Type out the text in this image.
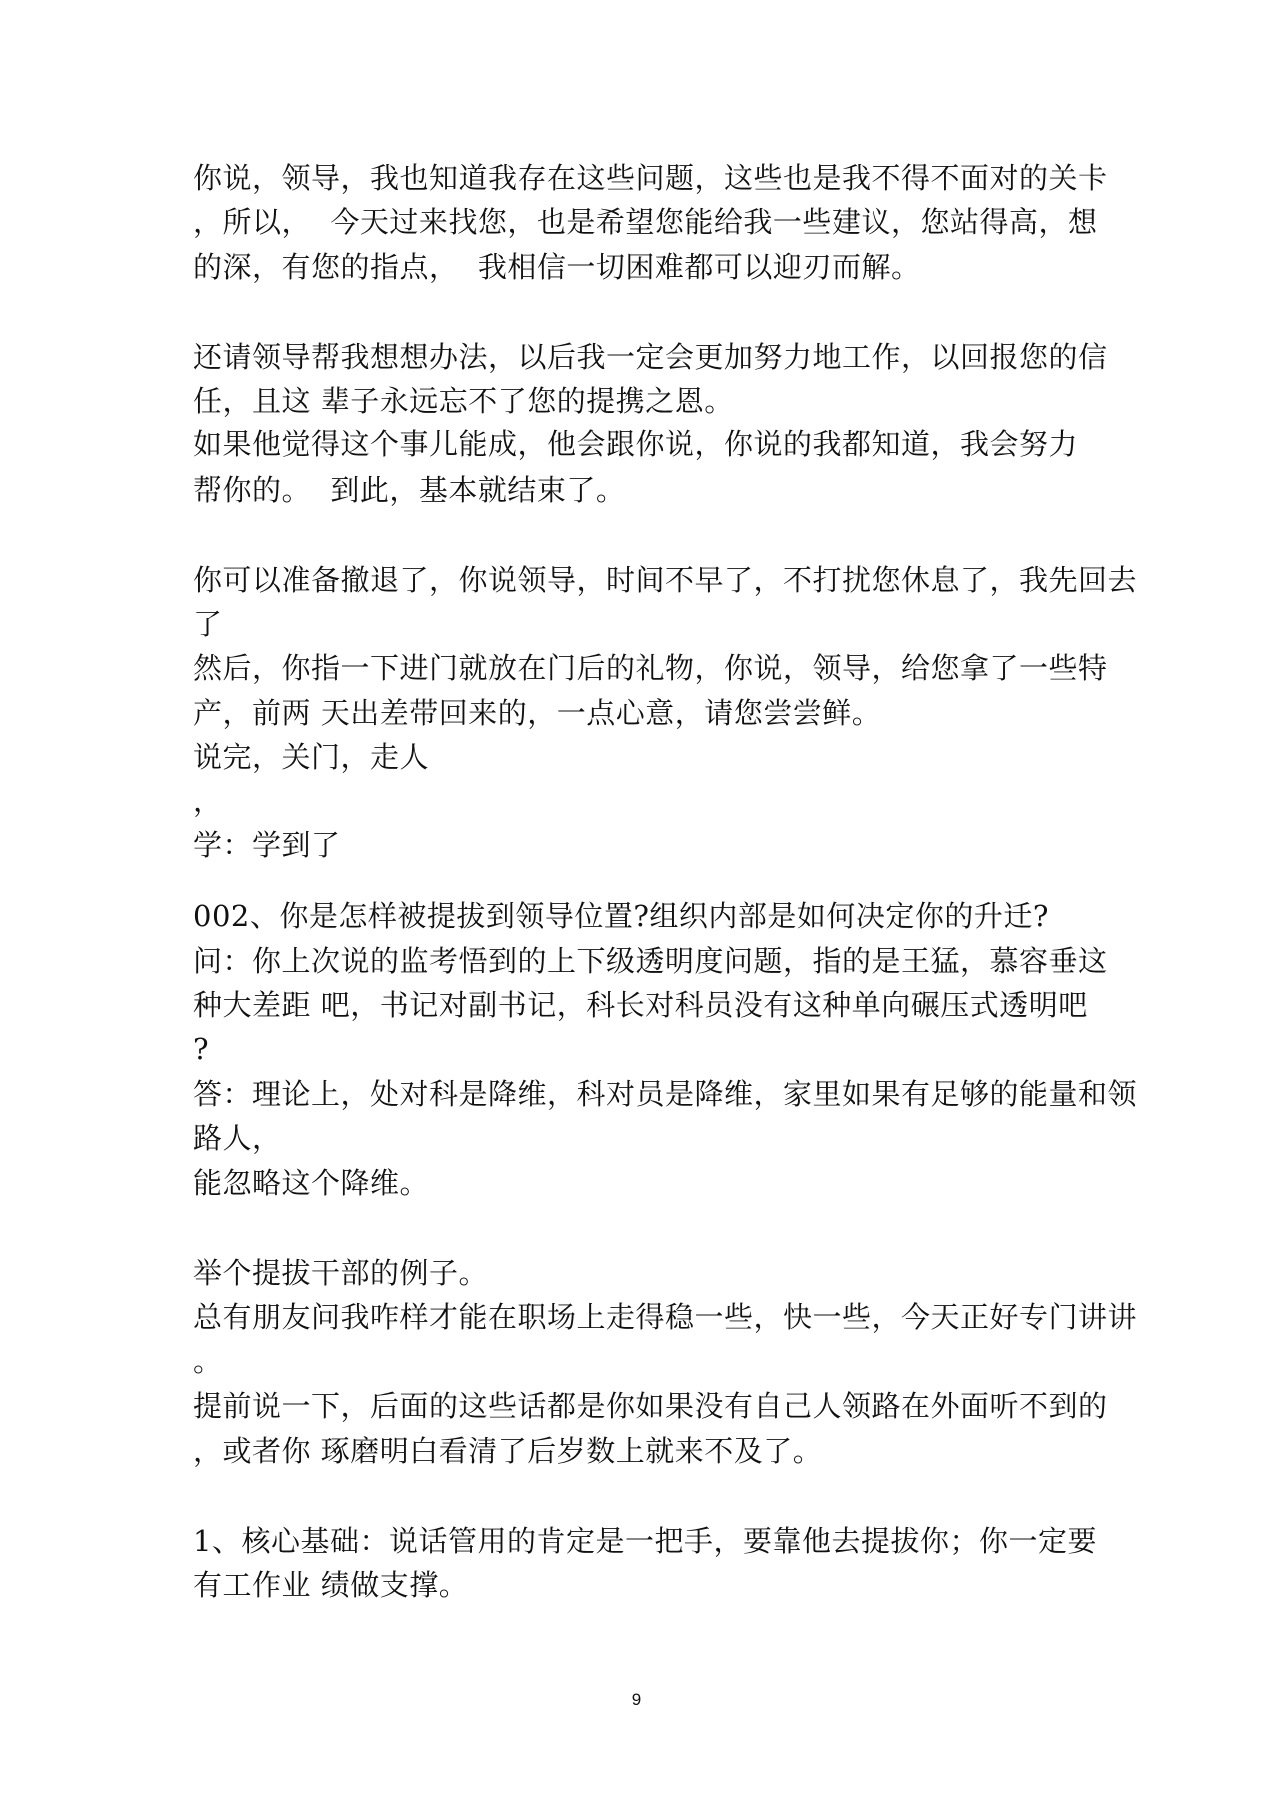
你说，领导，我也知道我存在这些问题，这些也是我不得不面对的关卡
，所以，  今天过来找您，也是希望您能给我一些建议，您站得高，想
的深，有您的指点，  我相信一切困难都可以迎刃而解。
还请领导帮我想想办法，以后我一定会更加努力地工作，以回报您的信
任，且这 辈子永远忘不了您的提携之恩。
如果他觉得这个事儿能成，他会跟你说，你说的我都知道，我会努力
帮你的。  到此，基本就结束了。
你可以准备撤退了，你说领导，时间不早了，不打扰您休息了，我先回去
了
然后，你指一下进门就放在门后的礼物，你说，领导，给您拿了一些特
产，前两 天出差带回来的，一点心意，请您尝尝鲜。
说完，关门，走人
，
学：学到了
002、你是怎样被提拔到领导位置?组织内部是如何决定你的升迁?
问：你上次说的监考悟到的上下级透明度问题，指的是王猛，慕容垂这
种大差距 吧，书记对副书记，科长对科员没有这种单向碾压式透明吧
?
答：理论上，处对科是降维，科对员是降维，家里如果有足够的能量和领
路人，
能忽略这个降维。
举个提拔干部的例子。
总有朋友问我咋样才能在职场上走得稳一些，快一些，今天正好专门讲讲
。
提前说一下，后面的这些话都是你如果没有自己人领路在外面听不到的
，或者你 琢磨明白看清了后岁数上就来不及了。
1、核心基础：说话管用的肯定是一把手，要靠他去提拔你；你一定要
有工作业 绩做支撑。
9
